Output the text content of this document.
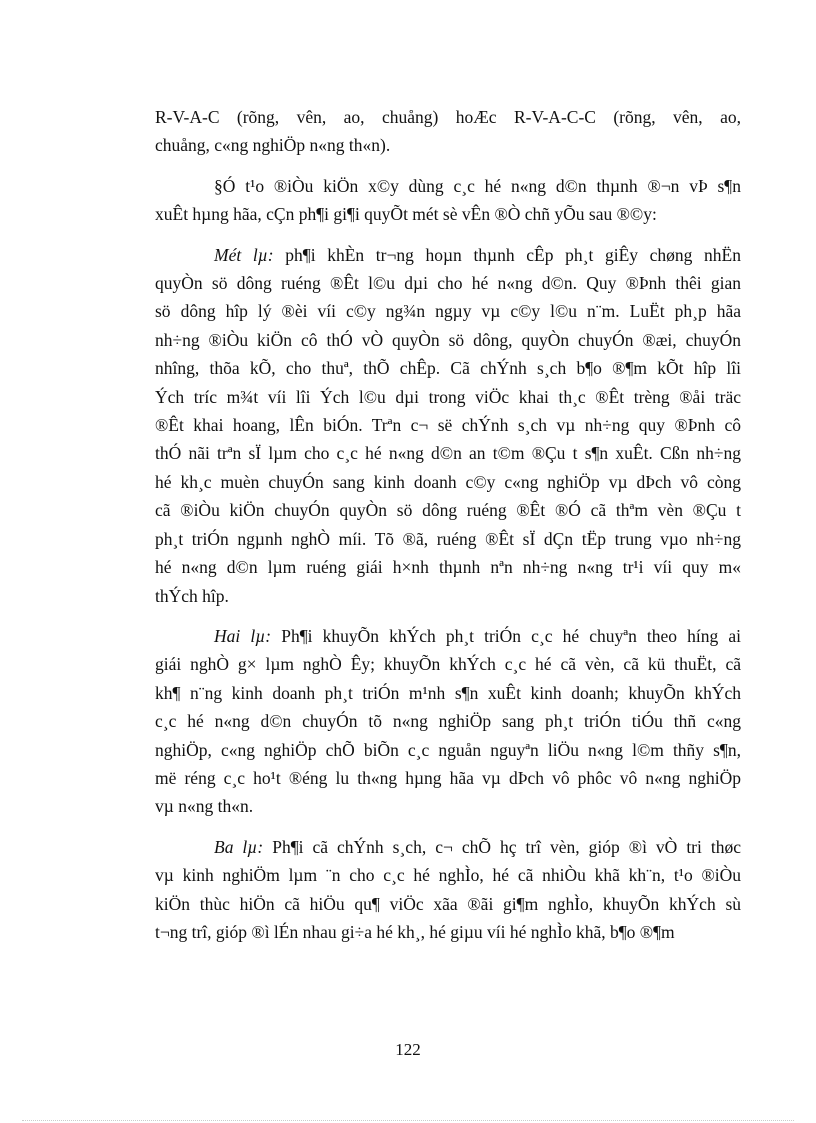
R-V-A-C (rõng, vên, ao, chuång) hoÆc R-V-A-C-C (rõng, vên, ao,
chuång, c«ng nghiÖp n«ng th«n).

§Ó t¹o ®iÒu kiÖn x©y dùng c¸c hé n«ng d©n thµnh ®¬n vÞ s¶n
xuÊt hµng hãa, cÇn ph¶i gi¶i quyÕt mét sè vÊn ®Ò chñ yÕu sau ®©y:

Mét lµ: ph¶i khÈn tr¬ng hoµn thµnh cÊp ph¸t giÊy chøng nhËn
quyÒn sö dông ruéng ®Êt l©u dµi cho hé n«ng d©n. Quy ®Þnh thêi gian
sö dông hîp lý ®èi víi c©y ng¾n ngµy vµ c©y l©u n¨m. LuËt ph¸p hãa
nh÷ng ®iÒu kiÖn cô thÓ vÒ quyÒn sö dông, quyÒn chuyÓn ®æi, chuyÓn
nhîng, thõa kÕ, cho thuª, thÕ chÊp. Cã chÝnh s¸ch b¶o ®¶m kÕt hîp lîi
Ých tríc m¾t víi lîi Ých l©u dµi trong viÖc khai th¸c ®Êt trèng ®åi träc
®Êt khai hoang, lÊn biÓn. Trªn c¬ së chÝnh s¸ch vµ nh÷ng quy ®Þnh cô
thÓ nãi trªn sÏ lµm cho c¸c hé n«ng d©n an t©m ®Çu t s¶n xuÊt. Cßn nh÷ng
hé kh¸c muèn chuyÓn sang kinh doanh c©y c«ng nghiÖp vµ dÞch vô còng
cã ®iÒu kiÖn chuyÓn quyÒn sö dông ruéng ®Êt ®Ó cã thªm vèn ®Çu t
ph¸t triÓn ngµnh nghÒ míi. Tõ ®ã, ruéng ®Êt sÏ dÇn tËp trung vµo nh÷ng
hé n«ng d©n lµm ruéng giái h×nh thµnh nªn nh÷ng n«ng tr¹i víi quy m«
thÝch hîp.

Hai lµ: Ph¶i khuyÕn khÝch ph¸t triÓn c¸c hé chuyªn theo híng ai
giái nghÒ g× lµm nghÒ Êy; khuyÕn khÝch c¸c hé cã vèn, cã kü thuËt, cã
kh¶ n¨ng kinh doanh ph¸t triÓn m¹nh s¶n xuÊt kinh doanh; khuyÕn khÝch
c¸c hé n«ng d©n chuyÓn tõ n«ng nghiÖp sang ph¸t triÓn tiÓu thñ c«ng
nghiÖp, c«ng nghiÖp chÕ biÕn c¸c nguån nguyªn liÖu n«ng l©m thñy s¶n,
më réng c¸c ho¹t ®éng lu th«ng hµng hãa vµ dÞch vô phôc vô n«ng nghiÖp
vµ n«ng th«n.

Ba lµ: Ph¶i cã chÝnh s¸ch, c¬ chÕ hç trî vèn, gióp ®ì vÒ tri thøc
vµ kinh nghiÖm lµm ¨n cho c¸c hé nghÌo, hé cã nhiÒu khã kh¨n, t¹o ®iÒu
kiÖn thùc hiÖn cã hiÖu qu¶ viÖc xãa ®ãi gi¶m nghÌo, khuyÕn khÝch sù
t¬ng trî, gióp ®ì lÉn nhau gi÷a hé kh¸, hé giµu víi hé nghÌo khã, b¶o ®¶m

122
